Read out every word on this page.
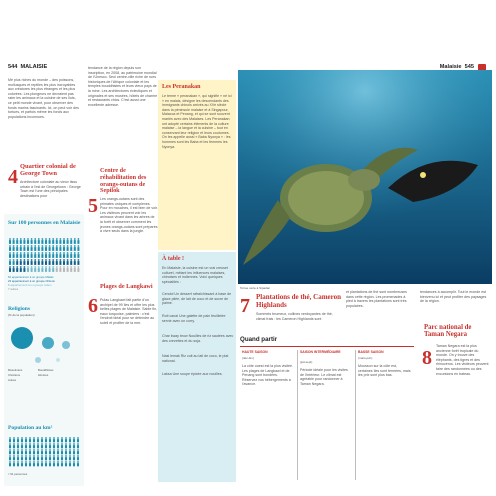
544 MALAISIE	Malaisie 545
Mé plus riches du monde – des poissons, mollusques et reptiles les plus incroyables aux créatures les plus étranges et les plus colorées. Les plongeurs ne devraient pas rater les animaux et la cuisine de ses îlots, ce petit monde vivant, pour observer des fonds marins fascinants. Ici, on peut voir des tortues, et parfois même les fonds aux populations inconnues.
4 Quartier colonial de George Town
Architecture coloniale au vieux tissu urbain à l'est de Georgetown : George Town est l'une des principales destinations pour
Sur 100 personnes en Malaisie
62 appartiennent à un groupe Malais
23 appartiennent à un groupe Chinois
8 appartiennent à un groupe Indien
7 autres
Religions
(% de la population)
Musulmans	Bouddhistes
Chrétiens	Hindous
Autres
Population au km²
≈ 91 personnes
tendance de la région depuis son inscription, en 2008, au patrimoine mondial de l'Unesco. Seul centre-ville riche de rues historiques de l'Afrique coloniale et les temples bouddhistes et leurs vieux pays de la mine. Les architectures éclectiques et originales et ses musées, hôtels de charme et restaurants chics. C'est aussi une excellente adresse.
5
Centre de réhabilitation des orangs-outans de Sepilok
Les orangs-outans sont des primates uniques et complexes. Pour en mouches, il est bien de voir. Les visiteurs peuvent voir les animaux vivant dans les arbres de la forêt et observer comment les jeunes orangs-outans sont préparés à vivre seuls dans la jungle.
6
Plages de Langkawi
Pulau Langkawi fait partie d'un archipel de 99 îles et offre les plus belles plages de Malaisie. Sable fin, eaux turquoise, palmiers : c'est l'endroit idéal pour se détendre au soleil et profiter de la mer.
Les Peranakan
Le terme « peranakan », qui signifie « né ici » en malais, désigne les descendants des immigrants chinois arrivés au XVe siècle dans la péninsule malaise et à Singapour, Malacca et Penang, et qui se sont souvent mariés avec des Malaises. Les Peranakan ont adopté certains éléments de la culture malaise – la langue et la cuisine – tout en conservant leur religion et leurs coutumes. On les appelle aussi « Baba Nyonya » : les hommes sont les Baba et les femmes les Nyonya.
À table !
En Malaisie, la cuisine est un vrai creuset culturel, mêlant les influences malaises, chinoises et indiennes. Voici quelques spécialités :
Cendol Un dessert rafraîchissant à base de glace pilée, de lait de coco et de sucre de palme.
Roti canai Une galette de pain feuilletée servie avec un curry.
Char kway teow Nouilles de riz sautées avec des crevettes et du soja.
Nasi lemak Riz cuit au lait de coco, le plat national.
Laksa Une soupe épicée aux nouilles.
Tortue verte à Sipadan
7 Plantations de thé, Cameron Highlands
Sommets brumeux, collines verdoyantes de thé, climat frais : les Cameron Highlands sont
et plantations de thé sont nombreuses dans cette région. Les promenades à pied à travers les plantations sont très populaires.
tendances à accomplir. Tout le monde est bienvenu ici et peut profiter des paysages de la région.
8
Parc national de Taman Negara
Taman Negara est la plus ancienne forêt tropicale du monde. On y trouve des éléphants, des tigres et des rhinocéros. Les visiteurs peuvent faire des randonnées ou des excursions en bateau.
Quand partir
HAUTE SAISON
(déc-fév)
La côte ouest est la plus visitée. Les plages de Langkawi et de Penang sont bondées. Réservez vos hébergements à l'avance.
SAISON INTERMÉDIAIRE
(juil-sept)
Période idéale pour les visites de l'intérieur. Le climat est agréable pour randonner à Taman Negara.
BASSE SAISON
(mars-juin)
Mousson sur la côte est, certaines îles sont fermées, mais les prix sont plus bas.
